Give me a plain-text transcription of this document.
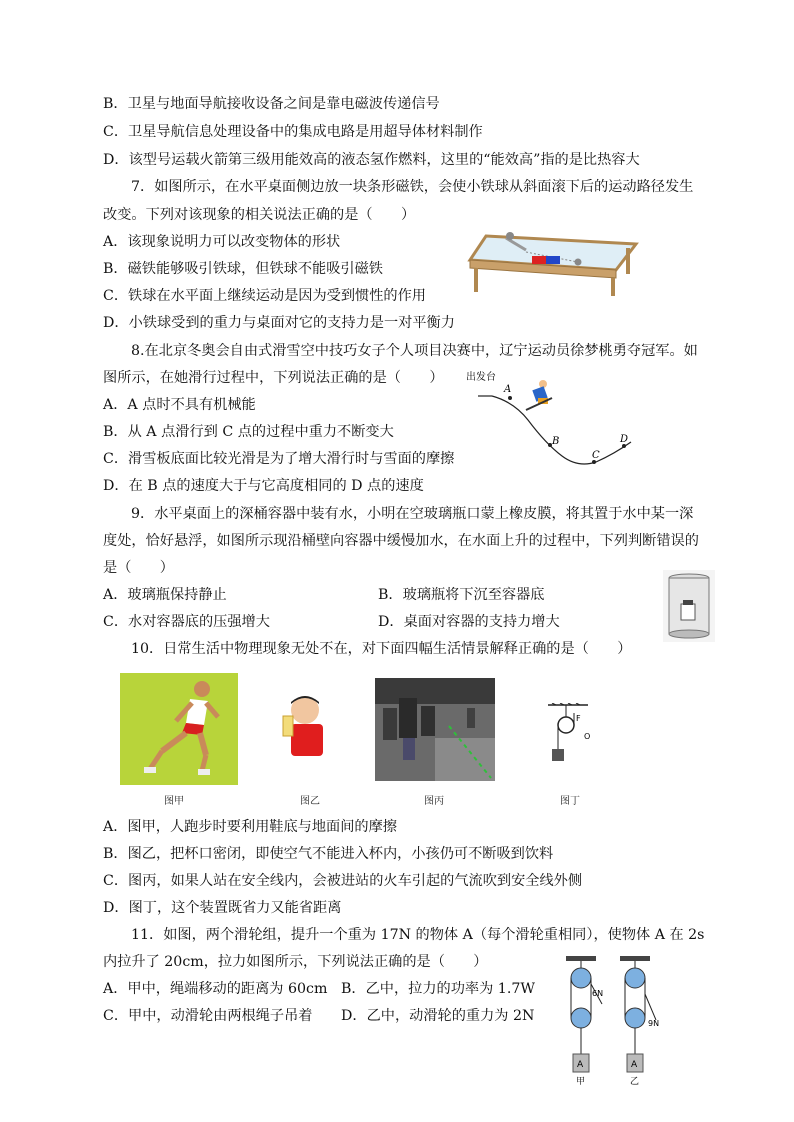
B．卫星与地面导航接收设备之间是靠电磁波传递信号
C．卫星导航信息处理设备中的集成电路是用超导体材料制作
D．该型号运载火箭第三级用能效高的液态氢作燃料，这里的“能效高”指的是比热容大
7．如图所示，在水平桌面侧边放一块条形磁铁，会使小铁球从斜面滚下后的运动路径发生
改变。下列对该现象的相关说法正确的是（　　）
A．该现象说明力可以改变物体的形状
B．磁铁能够吸引铁球，但铁球不能吸引磁铁
C．铁球在水平面上继续运动是因为受到惯性的作用
D．小铁球受到的重力与桌面对它的支持力是一对平衡力
8.在北京冬奥会自由式滑雪空中技巧女子个人项目决赛中，辽宁运动员徐梦桃勇夺冠军。如
图所示，在她滑行过程中，下列说法正确的是（　　）
A．A 点时不具有机械能
B．从 A 点滑行到 C 点的过程中重力不断变大
C．滑雪板底面比较光滑是为了增大滑行时与雪面的摩擦
D．在 B 点的速度大于与它高度相同的 D 点的速度
9．水平桌面上的深桶容器中装有水，小明在空玻璃瓶口蒙上橡皮膜，将其置于水中某一深
度处，恰好悬浮，如图所示现沿桶壁向容器中缓慢加水，在水面上升的过程中，下列判断错误的
是（　　）
A．玻璃瓶保持静止	B．玻璃瓶将下沉至容器底
C．水对容器底的压强增大	D．桌面对容器的支持力增大
10．日常生活中物理现象无处不在，对下面四幅生活情景解释正确的是（　　）
A．图甲，人跑步时要利用鞋底与地面间的摩擦
B．图乙，把杯口密闭，即使空气不能进入杯内，小孩仍可不断吸到饮料
C．图丙，如果人站在安全线内，会被进站的火车引起的气流吹到安全线外侧
D．图丁，这个装置既省力又能省距离
11．如图，两个滑轮组，提升一个重为 17N 的物体 A（每个滑轮重相同），使物体 A 在 2s
内拉升了 20cm，拉力如图所示，下列说法正确的是（　　）
A．甲中，绳端移动的距离为 60cm B．乙中，拉力的功率为 1.7W
C．甲中，动滑轮由两根绳子吊着 D．乙中，动滑轮的重力为 2N
出发台
A
B
C
D
F
O
图甲	图乙	图丙	图丁
A
6N
甲
A
9N
乙
